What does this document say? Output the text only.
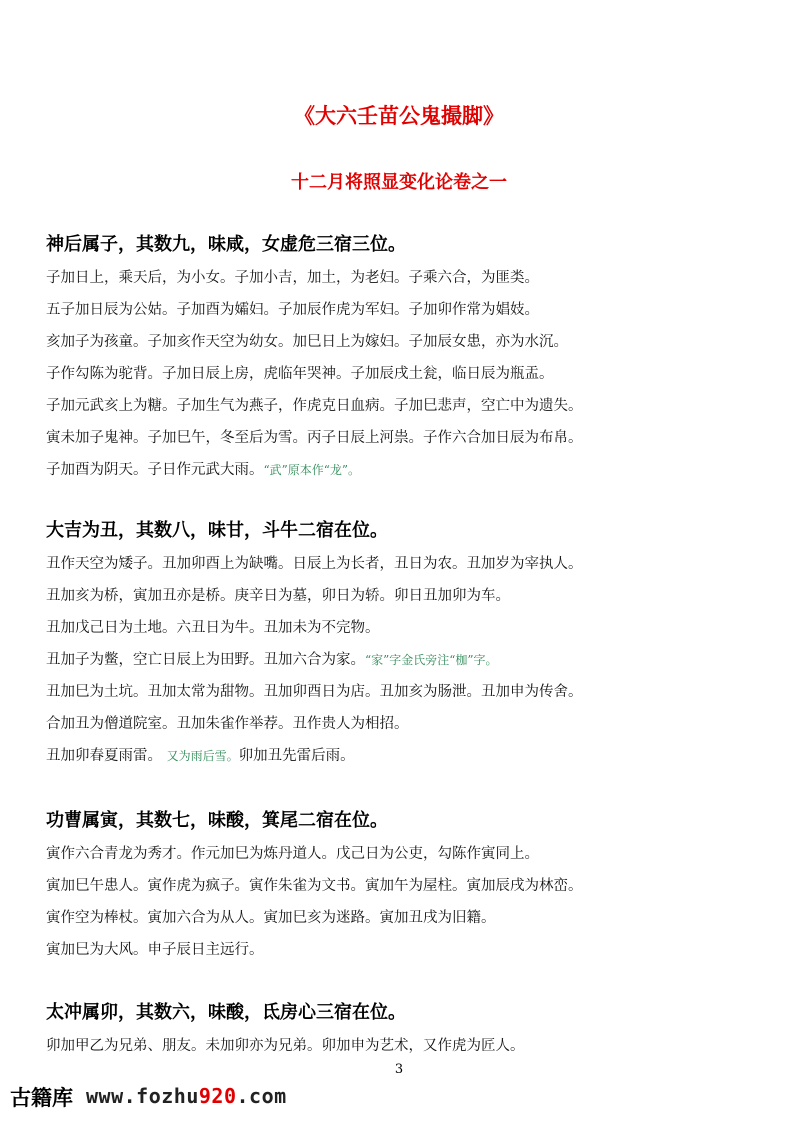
《大六壬苗公鬼撮脚》
十二月将照显变化论卷之一
神后属子，其数九，味咸，女虚危三宿三位。
子加日上，乘天后，为小女。子加小吉，加土，为老妇。子乘六合，为匪类。
五子加日辰为公姑。子加酉为孀妇。子加辰作虎为军妇。子加卯作常为娼妓。
亥加子为孩童。子加亥作天空为幼女。加巳日上为嫁妇。子加辰女患，亦为水沉。
子作勾陈为驼背。子加日辰上房，虎临年哭神。子加辰戌土瓮，临日辰为瓶盂。
子加元武亥上为糖。子加生气为燕子，作虎克日血病。子加巳悲声，空亡中为遗失。
寅未加子鬼神。子加巳午，冬至后为雪。丙子日辰上河祟。子作六合加日辰为布帛。
子加酉为阴天。子日作元武大雨。“武”原本作“龙”。
大吉为丑，其数八，味甘，斗牛二宿在位。
丑作天空为矮子。丑加卯酉上为缺嘴。日辰上为长者，丑日为农。丑加岁为宰执人。
丑加亥为桥，寅加丑亦是桥。庚辛日为墓，卯日为轿。卯日丑加卯为车。
丑加戊己日为土地。六丑日为牛。丑加未为不完物。
丑加子为鳖，空亡日辰上为田野。丑加六合为家。“家”字金氏旁注“枷”字。
丑加巳为土坑。丑加太常为甜物。丑加卯酉日为店。丑加亥为肠泄。丑加申为传舍。
合加丑为僧道院室。丑加朱雀作举荐。丑作贵人为相招。
丑加卯春夏雨雷。 又为雨后雪。卯加丑先雷后雨。
功曹属寅，其数七，味酸，箕尾二宿在位。
寅作六合青龙为秀才。作元加巳为炼丹道人。戊己日为公吏，勾陈作寅同上。
寅加巳午患人。寅作虎为疯子。寅作朱雀为文书。寅加午为屋柱。寅加辰戌为林峦。
寅作空为棒杖。寅加六合为从人。寅加巳亥为迷路。寅加丑戌为旧籍。
寅加巳为大风。申子辰日主远行。
太冲属卯，其数六，味酸，氐房心三宿在位。
卯加甲乙为兄弟、朋友。未加卯亦为兄弟。卯加申为艺术，又作虎为匠人。
3
古籍库 www.fozhu920.com
